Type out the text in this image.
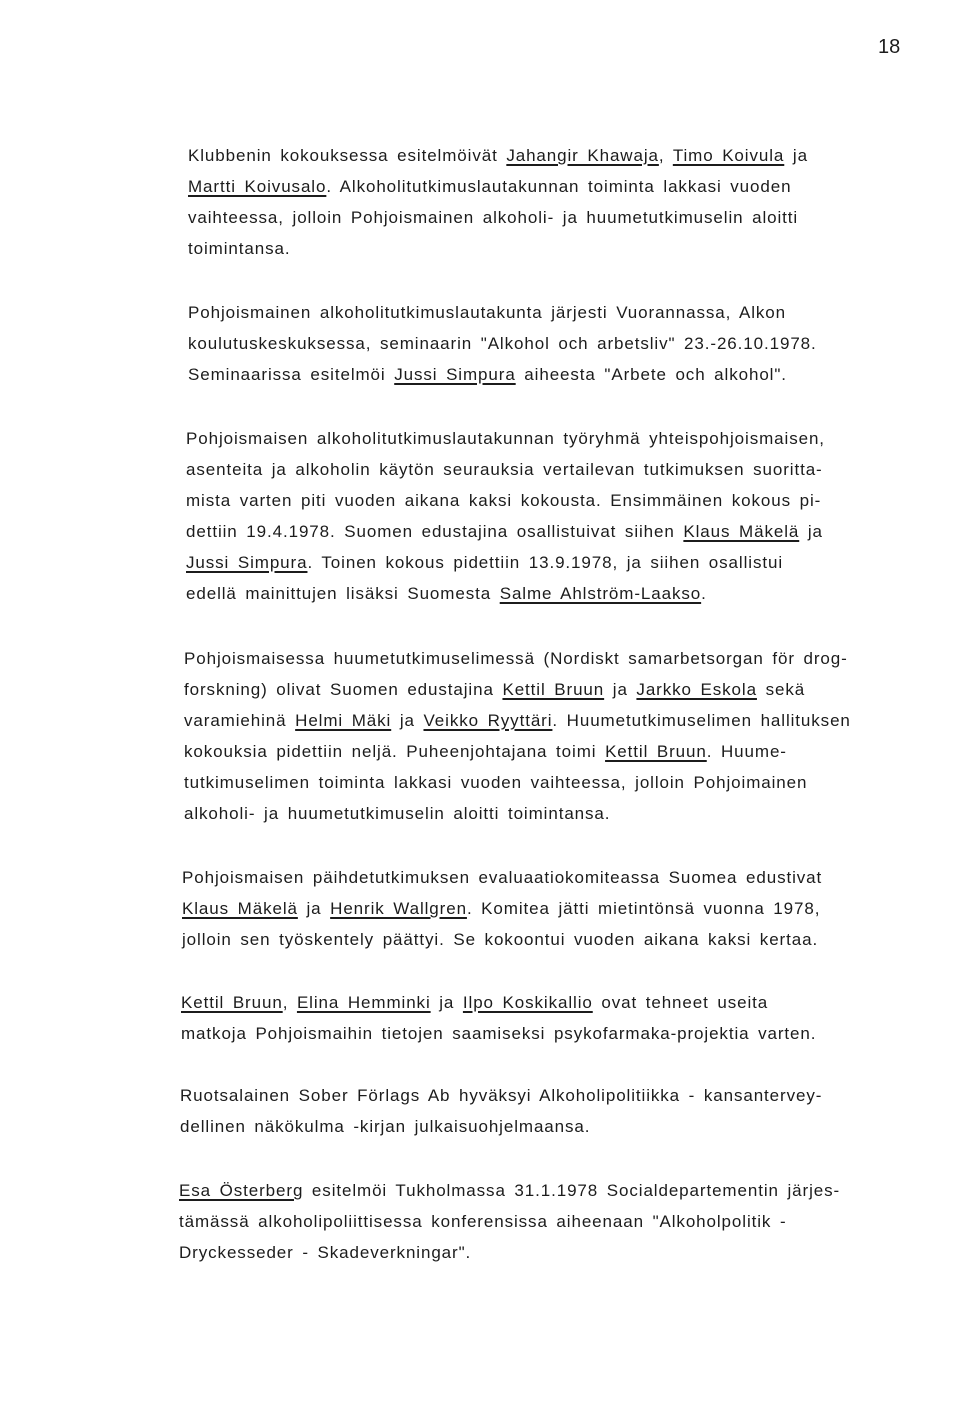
18
Klubbenin kokouksessa esitelmöivät Jahangir Khawaja, Timo Koivula ja
Martti Koivusalo. Alkoholitutkimuslautakunnan toiminta lakkasi vuoden
vaihteessa, jolloin Pohjoismainen alkoholi- ja huumetutkimuselin aloitti
toimintansa.
Pohjoismainen alkoholitutkimuslautakunta järjesti Vuorannassa, Alkon
koulutuskeskuksessa, seminaarin "Alkohol och arbetsliv" 23.-26.10.1978.
Seminaarissa esitelmöi Jussi Simpura aiheesta "Arbete och alkohol".
Pohjoismaisen alkoholitutkimuslautakunnan työryhmä yhteispohjoismaisen,
asenteita ja alkoholin käytön seurauksia vertailevan tutkimuksen suoritta-
mista varten piti vuoden aikana kaksi kokousta. Ensimmäinen kokous pi-
dettiin 19.4.1978. Suomen edustajina osallistuivat siihen Klaus Mäkelä ja
Jussi Simpura. Toinen kokous pidettiin 13.9.1978, ja siihen osallistui
edellä mainittujen lisäksi Suomesta Salme Ahlström-Laakso.
Pohjoismaisessa huumetutkimuselimessä (Nordiskt samarbetsorgan för drog-
forskning) olivat Suomen edustajina Kettil Bruun ja Jarkko Eskola sekä
varamiehinä Helmi Mäki ja Veikko Ryyttäri. Huumetutkimuselimen hallituksen
kokouksia pidettiin neljä. Puheenjohtajana toimi Kettil Bruun. Huume-
tutkimuselimen toiminta lakkasi vuoden vaihteessa, jolloin Pohjoimainen
alkoholi- ja huumetutkimuselin aloitti toimintansa.
Pohjoismaisen päihdetutkimuksen evaluaatiokomiteassa Suomea edustivat
Klaus Mäkelä ja Henrik Wallgren. Komitea jätti mietintönsä vuonna 1978,
jolloin sen työskentely päättyi. Se kokoontui vuoden aikana kaksi kertaa.
Kettil Bruun, Elina Hemminki ja Ilpo Koskikallio ovat tehneet useita
matkoja Pohjoismaihin tietojen saamiseksi psykofarmaka-projektia varten.
Ruotsalainen Sober Förlags Ab hyväksyi Alkoholipolitiikka - kansantervey-
dellinen näkökulma -kirjan julkaisuohjelmaansa.
Esa Österberg esitelmöi Tukholmassa 31.1.1978 Socialdepartementin järjes-
tämässä alkoholipoliittisessa konferensissa aiheenaan "Alkoholpolitik -
Dryckesseder - Skadeverkningar".
